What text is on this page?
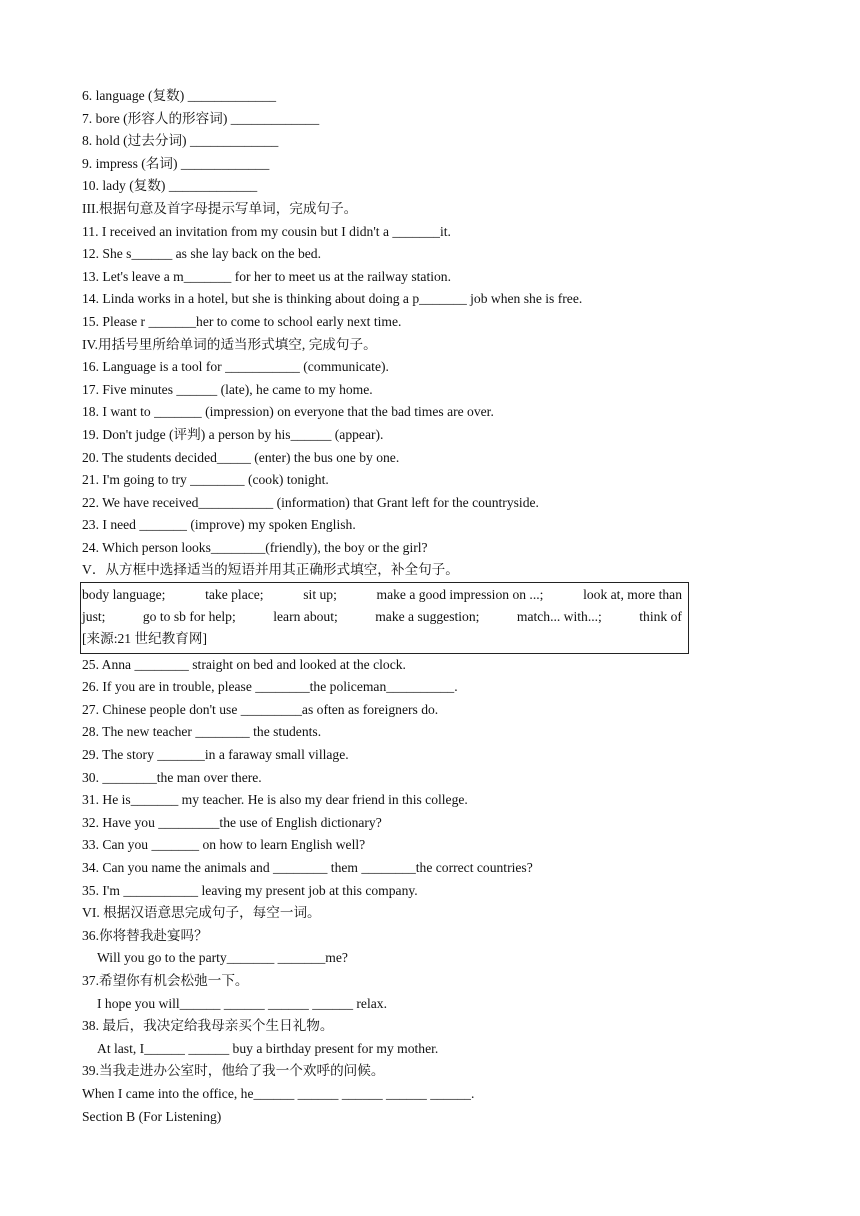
6. language (复数) _____________
7. bore (形容人的形容词) _____________
8. hold (过去分词) _____________
9. impress (名词) _____________
10. lady (复数) _____________
III.根据句意及首字母提示写单词，完成句子。
11. I received an invitation from my cousin but I didn't a _______it.
12. She s______ as she lay back on the bed.
13. Let's leave a m_______ for her to meet us at the railway station.
14. Linda works in a hotel, but she is thinking about doing a p_______ job when she is free.
15. Please r _______her to come to school early next time.
IV.用括号里所给单词的适当形式填空, 完成句子。
16. Language is a tool for ___________ (communicate).
17. Five minutes ______ (late), he came to my home.
18. I want to _______ (impression) on everyone that the bad times are over.
19. Don't judge (评判) a person by his______ (appear).
20. The students decided_____ (enter) the bus one by one.
21. I'm going to try ________ (cook) tonight.
22. We have received___________ (information) that Grant left for the countryside.
23. I need _______ (improve) my spoken English.
24. Which person looks________(friendly), the boy or the girl?
V．从方框中选择适当的短语并用其正确形式填空，补全句子。
body language;	take place;	sit up;	make a good impression on ...;	look at, more than
just;	go to sb for help;	learn about;	make a suggestion;	match... with...;	think of
[来源:21 世纪教育网]
25. Anna ________ straight on bed and looked at the clock.
26. If you are in trouble, please ________the policeman__________.
27. Chinese people don't use _________as often as foreigners do.
28. The new teacher ________ the students.
29. The story _______in a faraway small village.
30. ________the man over there.
31. He is_______ my teacher. He is also my dear friend in this college.
32. Have you _________the use of English dictionary?
33. Can you _______ on how to learn English well?
34. Can you name the animals and ________ them ________the correct countries?
35. I'm ___________ leaving my present job at this company.
VI. 根据汉语意思完成句子，每空一词。
36.你将替我赴宴吗？
Will you go to the party_______ _______me?
37.希望你有机会松弛一下。
I hope you will______ ______ ______ ______ relax.
38. 最后，我决定给我母亲买个生日礼物。
At last, I______ ______ buy a birthday present for my mother.
39.当我走进办公室时，他给了我一个欢呼的问候。
When I came into the office, he______ ______ ______ ______ ______.
Section B (For Listening)
